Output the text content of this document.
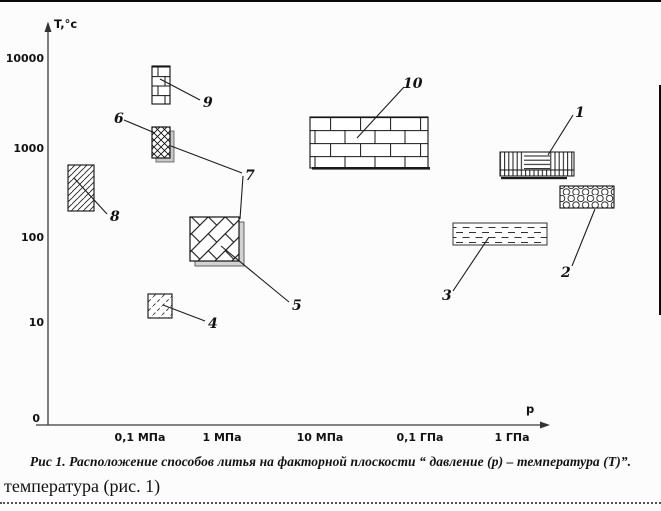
T,°c
p
10000
1000
100
10
0
0,1 МПа	1 МПа	10 МПа	0,1 ГПа	1 ГПа
1
2
3
4
5
6
7
8
9
10
Рис 1. Расположение способов литья на факторной плоскости “ давление (р) – температура (Т)”.
температура (рис. 1)
